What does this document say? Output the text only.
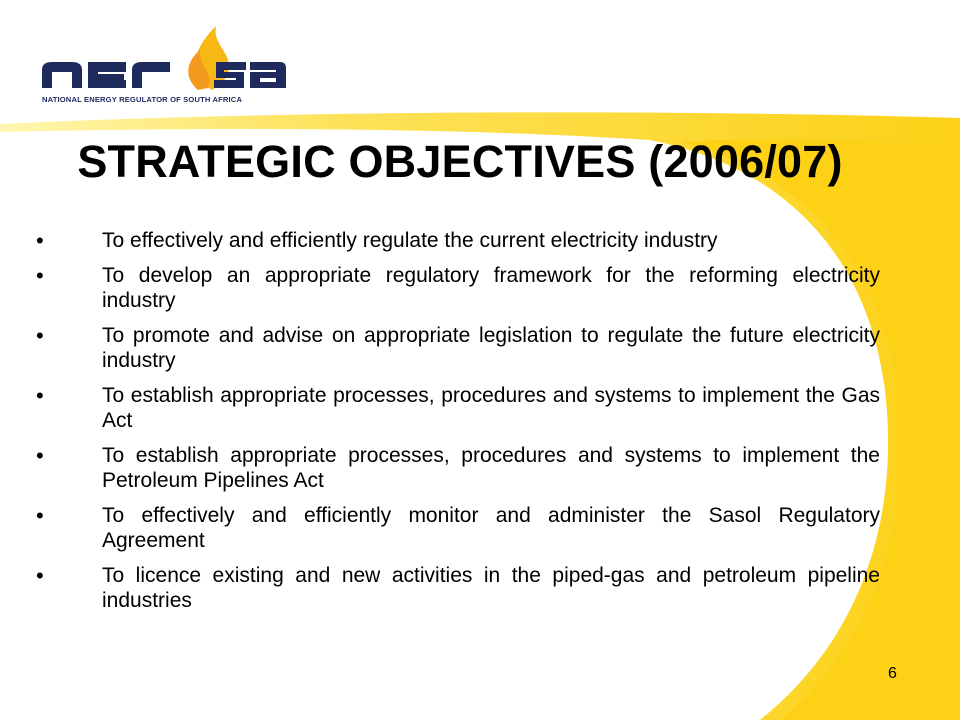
NATIONAL ENERGY REGULATOR OF SOUTH AFRICA
STRATEGIC OBJECTIVES (2006/07)
•	To effectively and efficiently regulate the current electricity industry
•	To develop an appropriate regulatory framework for the reforming electricity industry
•	To promote and advise on appropriate legislation to regulate the future electricity industry
•	To establish appropriate processes, procedures and systems to implement the Gas Act
•	To establish appropriate processes, procedures and systems to implement the Petroleum Pipelines Act
•	To effectively and efficiently monitor and administer the Sasol Regulatory Agreement
•	To licence existing and new activities in the piped-gas and petroleum pipeline industries
6
